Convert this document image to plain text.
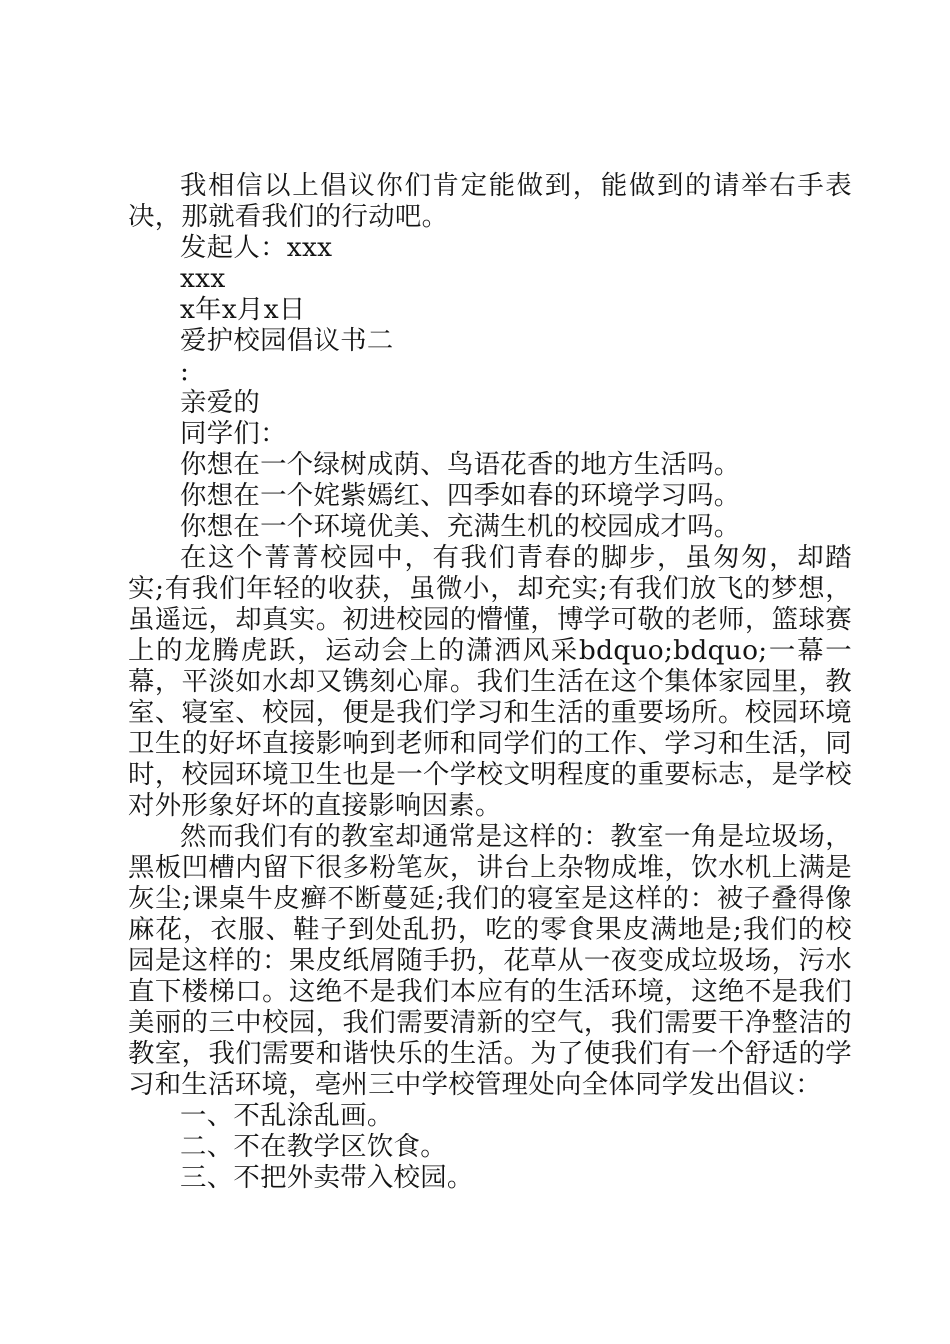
我相信以上倡议你们肯定能做到，能做到的请举右手表决，那就看我们的行动吧。

发起人：xxx

xxx

x年x月x日

爱护校园倡议书二

:

亲爱的

同学们：

你想在一个绿树成荫、鸟语花香的地方生活吗。

你想在一个姹紫嫣红、四季如春的环境学习吗。

你想在一个环境优美、充满生机的校园成才吗。

在这个菁菁校园中，有我们青春的脚步，虽匆匆，却踏实;有我们年轻的收获，虽微小，却充实;有我们放飞的梦想，虽遥远，却真实。初进校园的懵懂，博学可敬的老师，篮球赛上的龙腾虎跃，运动会上的潇洒风采bdquo;bdquo;一幕一幕，平淡如水却又镌刻心扉。我们生活在这个集体家园里，教室、寝室、校园，便是我们学习和生活的重要场所。校园环境卫生的好坏直接影响到老师和同学们的工作、学习和生活，同时，校园环境卫生也是一个学校文明程度的重要标志，是学校对外形象好坏的直接影响因素。

然而我们有的教室却通常是这样的：教室一角是垃圾场，黑板凹槽内留下很多粉笔灰，讲台上杂物成堆，饮水机上满是灰尘;课桌牛皮癣不断蔓延;我们的寝室是这样的：被子叠得像麻花，衣服、鞋子到处乱扔，吃的零食果皮满地是;我们的校园是这样的：果皮纸屑随手扔，花草从一夜变成垃圾场，污水直下楼梯口。这绝不是我们本应有的生活环境，这绝不是我们美丽的三中校园，我们需要清新的空气，我们需要干净整洁的教室，我们需要和谐快乐的生活。为了使我们有一个舒适的学习和生活环境，亳州三中学校管理处向全体同学发出倡议：

一、不乱涂乱画。

二、不在教学区饮食。

三、不把外卖带入校园。
